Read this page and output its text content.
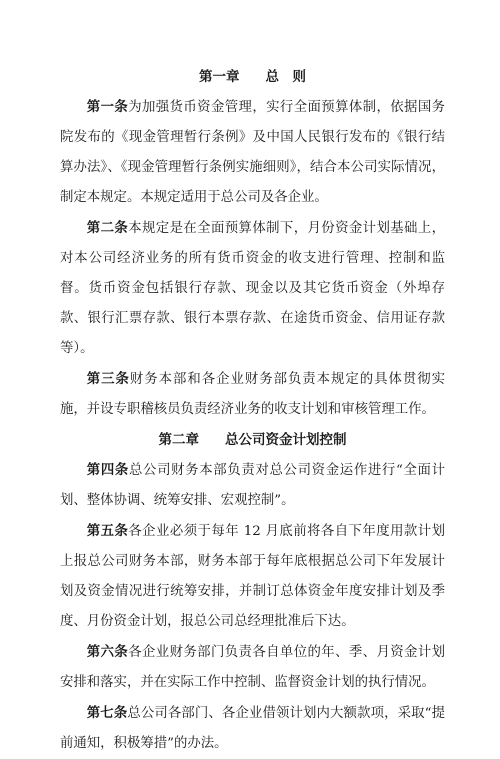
第一章 总　则

第一条为加强货币资金管理，实行全面预算体制，依据国务院发布的《现金管理暂行条例》及中国人民银行发布的《银行结算办法》、《现金管理暂行条例实施细则》，结合本公司实际情况，制定本规定。本规定适用于总公司及各企业。

第二条本规定是在全面预算体制下，月份资金计划基础上，对本公司经济业务的所有货币资金的收支进行管理、控制和监督。货币资金包括银行存款、现金以及其它货币资金（外埠存款、银行汇票存款、银行本票存款、在途货币资金、信用证存款等）。

第三条财务本部和各企业财务部负责本规定的具体贯彻实施，并设专职稽核员负责经济业务的收支计划和审核管理工作。

第二章 总公司资金计划控制

第四条总公司财务本部负责对总公司资金运作进行“全面计划、整体协调、统筹安排、宏观控制”。

第五条各企业必须于每年 12 月底前将各自下年度用款计划上报总公司财务本部，财务本部于每年底根据总公司下年发展计划及资金情况进行统筹安排，并制订总体资金年度安排计划及季度、月份资金计划，报总公司总经理批准后下达。

第六条各企业财务部门负责各自单位的年、季、月资金计划安排和落实，并在实际工作中控制、监督资金计划的执行情况。

第七条总公司各部门、各企业借领计划内大额款项，采取“提前通知，积极筹措”的办法。
